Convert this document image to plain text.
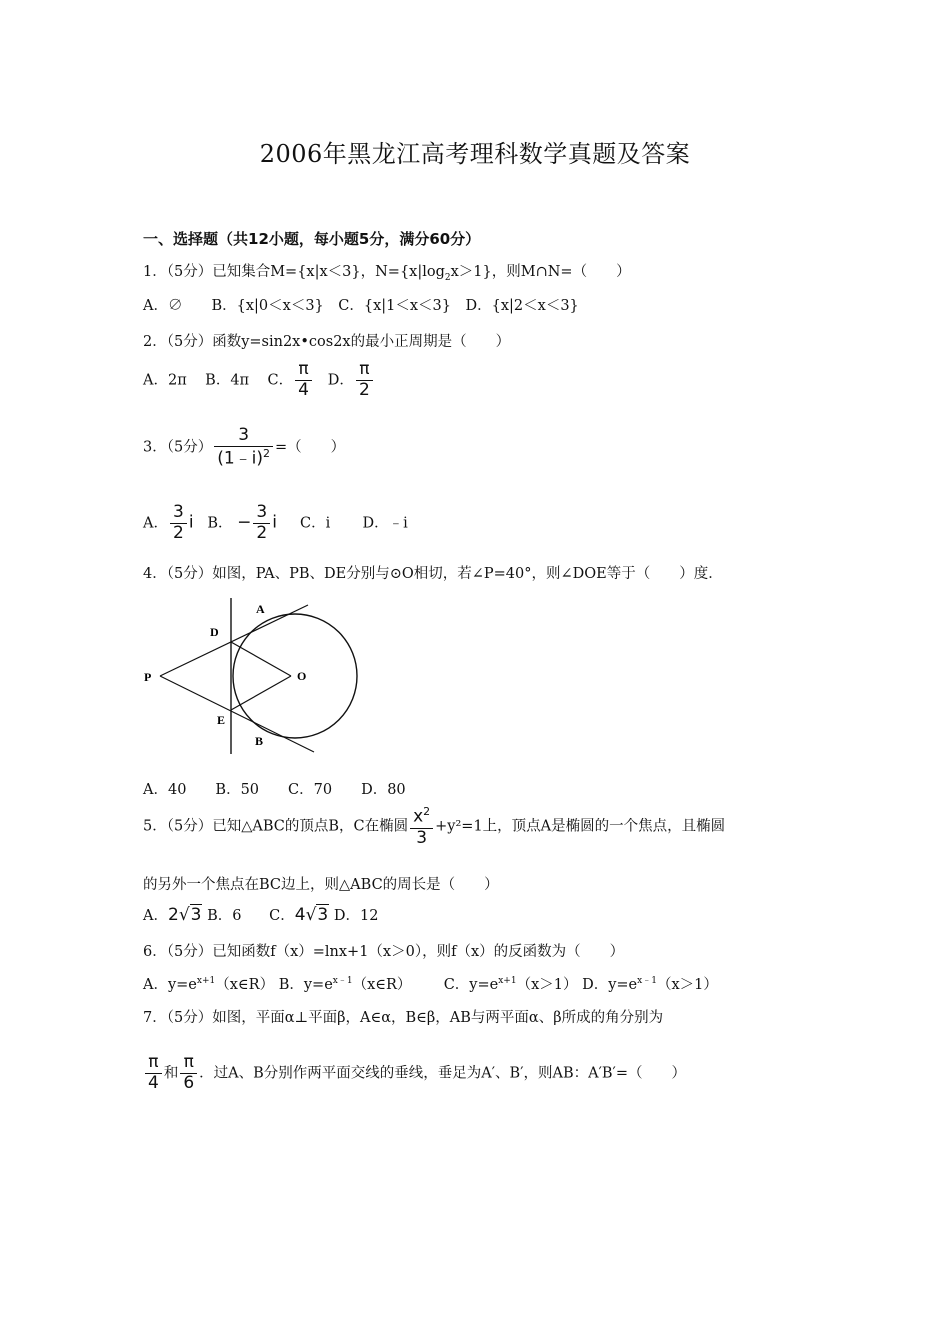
2006年黑龙江高考理科数学真题及答案
一、选择题（共12小题，每小题5分，满分60分）
1．（5分）已知集合M={x|x＜3}，$N=\{x|\log_2x>1\}$，则M∩N=（　　）
A．∅　　B．{x|0＜x＜3}　C．{x|1＜x＜3}　D．{x|2＜x＜3}
2．（5分）函数y=sin2x•cos2x的最小正周期是（　　）
A．2π B．4π C． $\frac{\pi}{4}$ D． $\frac{\pi}{2}$
3．（5分） $\frac{3}{(1﹣i)^2}$ =（　　）
A． $\frac{3}{2}$ i B． − $\frac{3}{2}$ i C．i D．﹣i
4．（5分）如图，PA、PB、DE分别与⊙O相切，若∠P=40°，则∠DOE等于（　　）度．
A
D
P	O
E
B
A．40　　B．50　　C．70　　D．80
5．（5分）已知△ABC的顶点B，C在椭圆 $\frac{x^2}{3} +y^2=1$上，顶点A是椭圆的一个焦点，且椭圆
的另外一个焦点在BC边上，则△ABC的周长是（　　）
A．2√3 B．6 C．4√3 D．12
6．（5分）已知函数f（x）=lnx+1（x＞0），则f（x）的反函数为（　　）
A．$y=e^{x+1}(x\in R)$ B．$y=e^{x﹣1}(x\in R)$ C．$y=e^{x+1}(x>1)$ D．$y=e^{x﹣1}(x>1)$
7．（5分）如图，平面α⊥平面β，A∈α，B∈β，AB与两平面α、β所成的角分别为
$\frac{\pi}{4}$ 和 $\frac{\pi}{6}$ ．过A、B分别作两平面交线的垂线，垂足为A′、B′，则AB：A′B′=（　　）
